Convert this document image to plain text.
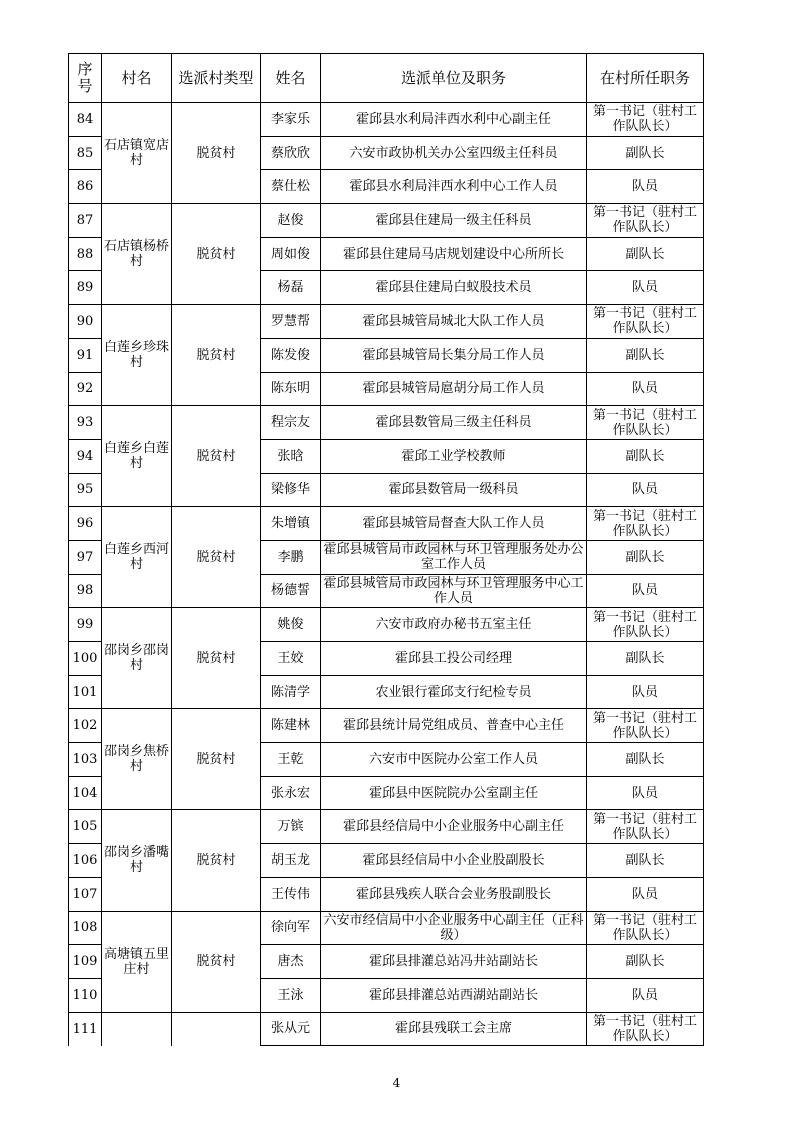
序号	村名	选派村类型	姓名	选派单位及职务	在村所任职务
84	石店镇宽店村	脱贫村	李家乐	霍邱县水利局沣西水利中心副主任	第一书记（驻村工作队队长）
85			蔡欣欣	六安市政协机关办公室四级主任科员	副队长
86			蔡仕松	霍邱县水利局沣西水利中心工作人员	队员
87	石店镇杨桥村	脱贫村	赵俊	霍邱县住建局一级主任科员	第一书记（驻村工作队队长）
88			周如俊	霍邱县住建局马店规划建设中心所所长	副队长
89			杨磊	霍邱县住建局白蚁股技术员	队员
90	白莲乡珍珠村	脱贫村	罗慧帮	霍邱县城管局城北大队工作人员	第一书记（驻村工作队队长）
91			陈发俊	霍邱县城管局长集分局工作人员	副队长
92			陈东明	霍邱县城管局扈胡分局工作人员	队员
93	白莲乡白莲村	脱贫村	程宗友	霍邱县数管局三级主任科员	第一书记（驻村工作队队长）
94			张晗	霍邱工业学校教师	副队长
95			梁修华	霍邱县数管局一级科员	队员
96	白莲乡西河村	脱贫村	朱增镇	霍邱县城管局督查大队工作人员	第一书记（驻村工作队队长）
97			李鹏	霍邱县城管局市政园林与环卫管理服务处办公室工作人员	副队长
98			杨德誓	霍邱县城管局市政园林与环卫管理服务中心工作人员	队员
99	邵岗乡邵岗村	脱贫村	姚俊	六安市政府办秘书五室主任	第一书记（驻村工作队队长）
100			王姣	霍邱县工投公司经理	副队长
101			陈清学	农业银行霍邱支行纪检专员	队员
102	邵岗乡焦桥村	脱贫村	陈建林	霍邱县统计局党组成员、普查中心主任	第一书记（驻村工作队队长）
103			王乾	六安市中医院办公室工作人员	副队长
104			张永宏	霍邱县中医院院办公室副主任	队员
105	邵岗乡潘嘴村	脱贫村	万镔	霍邱县经信局中小企业服务中心副主任	第一书记（驻村工作队队长）
106			胡玉龙	霍邱县经信局中小企业股副股长	副队长
107			王传伟	霍邱县残疾人联合会业务股副股长	队员
108	高塘镇五里庄村	脱贫村	徐向军	六安市经信局中小企业服务中心副主任（正科级）	第一书记（驻村工作队队长）
109			唐杰	霍邱县排灌总站冯井站副站长	副队长
110			王泳	霍邱县排灌总站西湖站副站长	队员
111			张从元	霍邱县残联工会主席	第一书记（驻村工作队队长）
4
